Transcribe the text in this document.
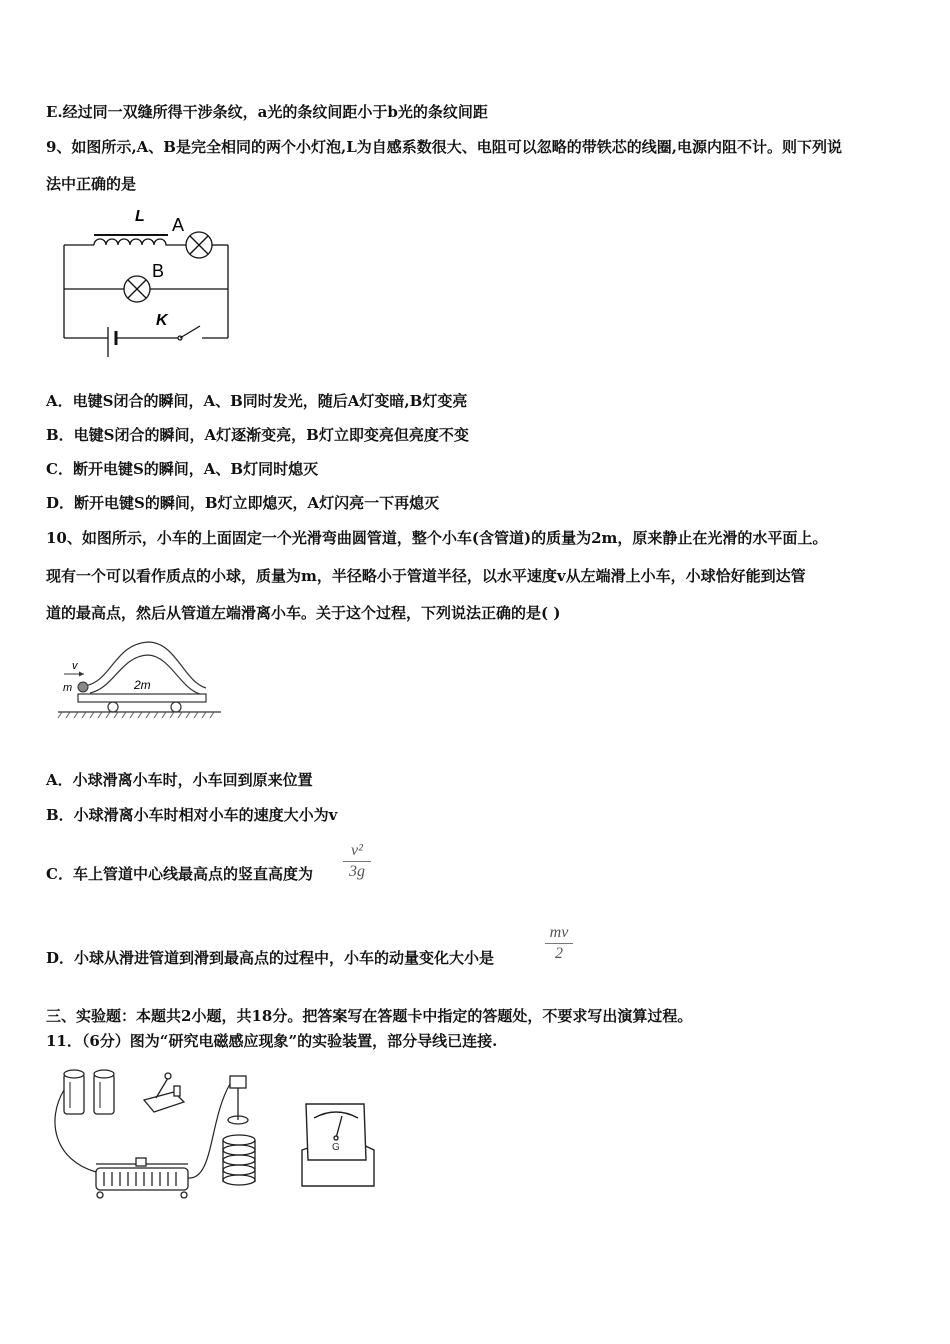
E.经过同一双缝所得干涉条纹，a光的条纹间距小于b光的条纹间距
9、如图所示,A、B是完全相同的两个小灯泡,L为自感系数很大、电阻可以忽略的带铁芯的线圈,电源内阻不计。则下列说
法中正确的是
L A
B
K
A．电键S闭合的瞬间，A、B同时发光，随后A灯变暗,B灯变亮
B．电键S闭合的瞬间，A灯逐渐变亮，B灯立即变亮但亮度不变
C．断开电键S的瞬间，A、B灯同时熄灭
D．断开电键S的瞬间，B灯立即熄灭，A灯闪亮一下再熄灭
10、如图所示，小车的上面固定一个光滑弯曲圆管道，整个小车(含管道)的质量为2m，原来静止在光滑的水平面上。
现有一个可以看作质点的小球，质量为m，半径略小于管道半径，以水平速度v从左端滑上小车，小球恰好能到达管
道的最高点，然后从管道左端滑离小车。关于这个过程，下列说法正确的是( )
v
m	2m
A．小球滑离小车时，小车回到原来位置
B．小球滑离小车时相对小车的速度大小为v
C．车上管道中心线最高点的竖直高度为
v²
3g
D．小球从滑进管道到滑到最高点的过程中，小车的动量变化大小是
mv
2
三、实验题：本题共2小题，共18分。把答案写在答题卡中指定的答题处，不要求写出演算过程。
11．（6分）图为“研究电磁感应现象”的实验装置，部分导线已连接.
G
